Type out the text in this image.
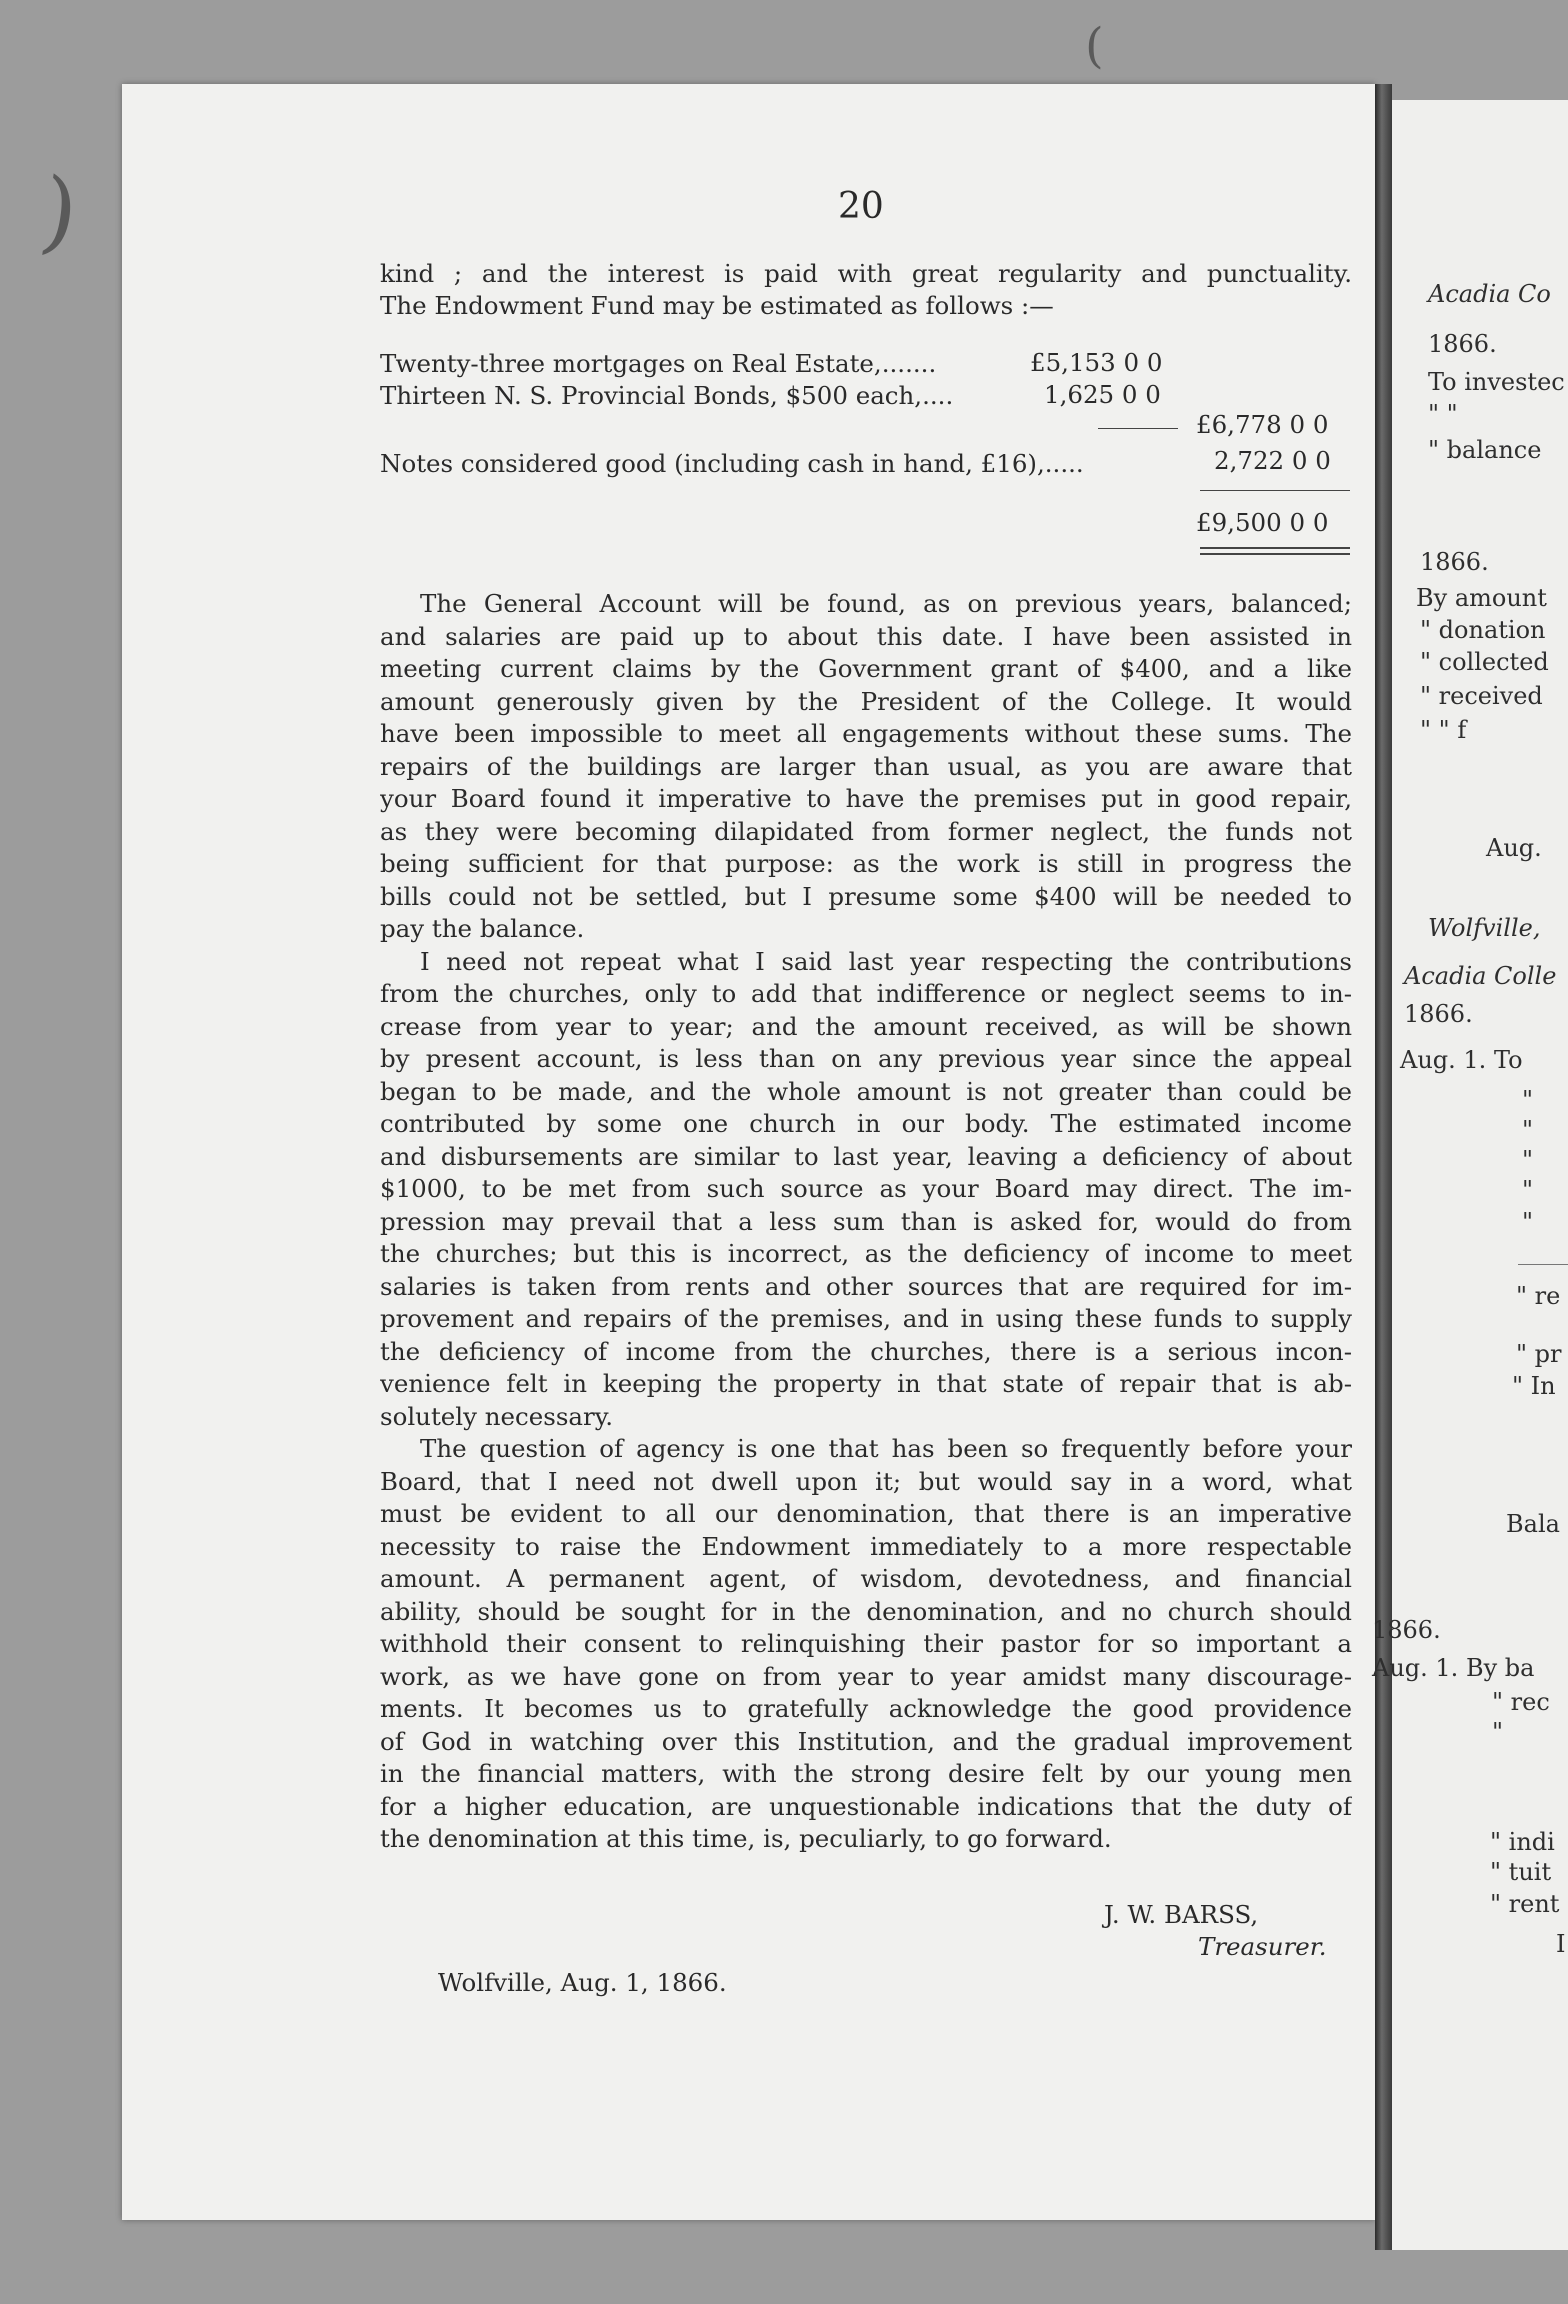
(
)	20
kind ; and the interest is paid with great regularity and punctuality.
The Endowment Fund may be estimated as follows :—
Twenty-three mortgages on Real Estate,.......	£5,153 0 0
Thirteen N. S. Provincial Bonds, $500 each,....	1,625 0 0
£6,778 0 0
Notes considered good (including cash in hand, £16),.....	2,722 0 0
£9,500 0 0
The General Account will be found, as on previous years, balanced;
and salaries are paid up to about this date. I have been assisted in
meeting current claims by the Government grant of $400, and a like
amount generously given by the President of the College. It would
have been impossible to meet all engagements without these sums. The
repairs of the buildings are larger than usual, as you are aware that
your Board found it imperative to have the premises put in good repair,
as they were becoming dilapidated from former neglect, the funds not
being sufficient for that purpose: as the work is still in progress the
bills could not be settled, but I presume some $400 will be needed to
pay the balance.
I need not repeat what I said last year respecting the contributions
from the churches, only to add that indifference or neglect seems to in-
crease from year to year; and the amount received, as will be shown
by present account, is less than on any previous year since the appeal
began to be made, and the whole amount is not greater than could be
contributed by some one church in our body. The estimated income
and disbursements are similar to last year, leaving a deficiency of about
$1000, to be met from such source as your Board may direct. The im-
pression may prevail that a less sum than is asked for, would do from
the churches; but this is incorrect, as the deficiency of income to meet
salaries is taken from rents and other sources that are required for im-
provement and repairs of the premises, and in using these funds to supply
the deficiency of income from the churches, there is a serious incon-
venience felt in keeping the property in that state of repair that is ab-
solutely necessary.
The question of agency is one that has been so frequently before your
Board, that I need not dwell upon it; but would say in a word, what
must be evident to all our denomination, that there is an imperative
necessity to raise the Endowment immediately to a more respectable
amount. A permanent agent, of wisdom, devotedness, and financial
ability, should be sought for in the denomination, and no church should
withhold their consent to relinquishing their pastor for so important a
work, as we have gone on from year to year amidst many discourage-
ments. It becomes us to gratefully acknowledge the good providence
of God in watching over this Institution, and the gradual improvement
in the financial matters, with the strong desire felt by our young men
for a higher education, are unquestionable indications that the duty of
the denomination at this time, is, peculiarly, to go forward.
J. W. BARSS,
Treasurer.
Wolfville, Aug. 1, 1866.
Acadia Co
1866.
To investec
" "
" balance
1866.
By amount
" donation
" collected
" received
" " f
Aug.
Wolfville,
Acadia Colle
1866.
Aug. 1. To
"
"
"
"
"
" re
" pr
" In
Bala
1866.
Aug. 1. By ba
" rec
"
" indi
" tuit
" rent
I
